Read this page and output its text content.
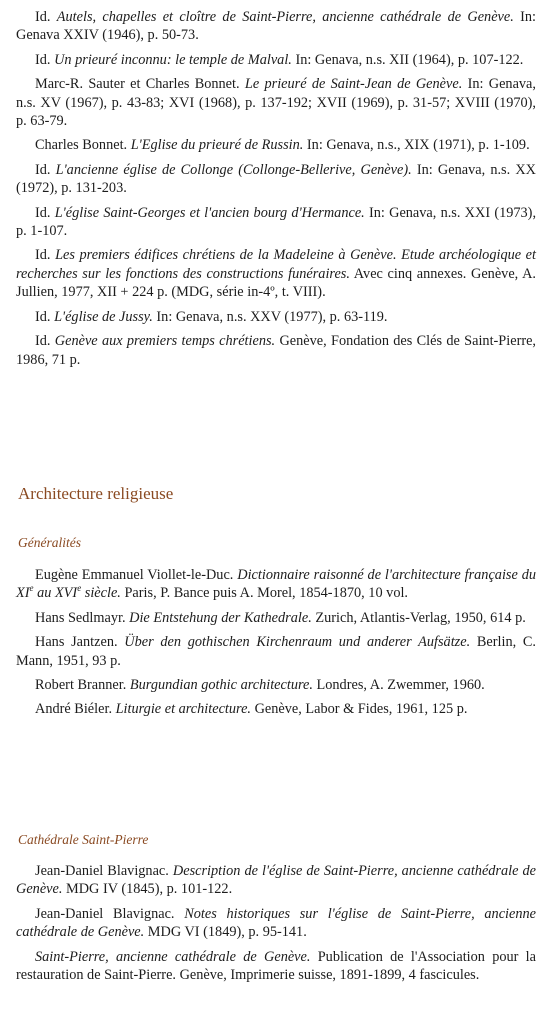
Id. Autels, chapelles et cloître de Saint-Pierre, ancienne cathédrale de Genève. In: Genava XXIV (1946), p. 50-73.

Id. Un prieuré inconnu: le temple de Malval. In: Genava, n.s. XII (1964), p. 107-122.

Marc-R. Sauter et Charles Bonnet. Le prieuré de Saint-Jean de Genève. In: Genava, n.s. XV (1967), p. 43-83; XVI (1968), p. 137-192; XVII (1969), p. 31-57; XVIII (1970), p. 63-79.

Charles Bonnet. L'Eglise du prieuré de Russin. In: Genava, n.s., XIX (1971), p. 1-109.

Id. L'ancienne église de Collonge (Collonge-Bellerive, Genève). In: Genava, n.s. XX (1972), p. 131-203.

Id. L'église Saint-Georges et l'ancien bourg d'Hermance. In: Genava, n.s. XXI (1973), p. 1-107.

Id. Les premiers édifices chrétiens de la Madeleine à Genève. Etude archéologique et recherches sur les fonctions des constructions funéraires. Avec cinq annexes. Genève, A. Jullien, 1977, XII + 224 p. (MDG, série in-4º, t. VIII).

Id. L'église de Jussy. In: Genava, n.s. XXV (1977), p. 63-119.

Id. Genève aux premiers temps chrétiens. Genève, Fondation des Clés de Saint-Pierre, 1986, 71 p.

Architecture religieuse
Généralités

Eugène Emmanuel Viollet-le-Duc. Dictionnaire raisonné de l'architecture française du XIe au XVIe siècle. Paris, P. Bance puis A. Morel, 1854-1870, 10 vol.

Hans Sedlmayr. Die Entstehung der Kathedrale. Zurich, Atlantis-Verlag, 1950, 614 p.

Hans Jantzen. Über den gothischen Kirchenraum und anderer Aufsätze. Berlin, C. Mann, 1951, 93 p.

Robert Branner. Burgundian gothic architecture. Londres, A. Zwemmer, 1960.

André Biéler. Liturgie et architecture. Genève, Labor & Fides, 1961, 125 p.

Cathédrale Saint-Pierre

Jean-Daniel Blavignac. Description de l'église de Saint-Pierre, ancienne cathédrale de Genève. MDG IV (1845), p. 101-122.

Jean-Daniel Blavignac. Notes historiques sur l'église de Saint-Pierre, ancienne cathédrale de Genève. MDG VI (1849), p. 95-141.

Saint-Pierre, ancienne cathédrale de Genève. Publication de l'Association pour la restauration de Saint-Pierre. Genève, Imprimerie suisse, 1891-1899, 4 fascicules.
